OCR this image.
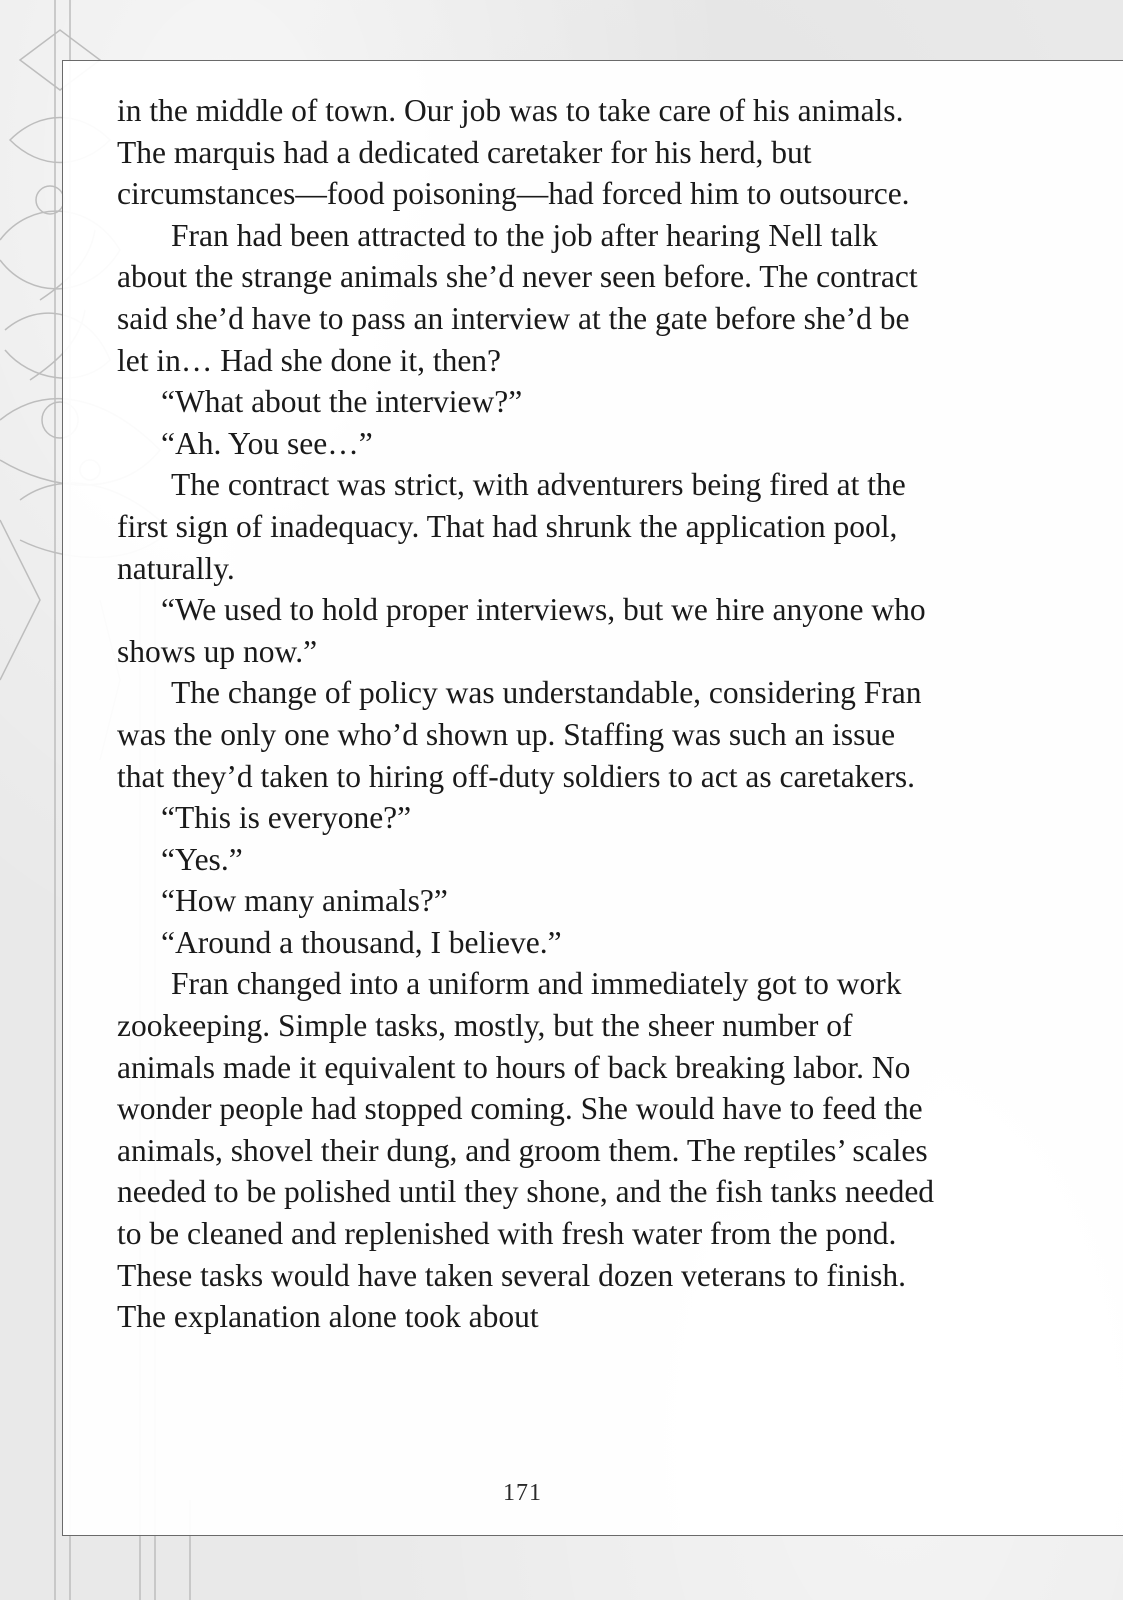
in the middle of town. Our job was to take care of his animals. The marquis had a dedicated caretaker for his herd, but circumstances—food poisoning—had forced him to outsource.

Fran had been attracted to the job after hearing Nell talk about the strange animals she’d never seen before. The contract said she’d have to pass an interview at the gate before she’d be let in… Had she done it, then?

“What about the interview?”

“Ah. You see…”

The contract was strict, with adventurers being fired at the first sign of inadequacy. That had shrunk the application pool, naturally.

“We used to hold proper interviews, but we hire anyone who shows up now.”

The change of policy was understandable, considering Fran was the only one who’d shown up. Staffing was such an issue that they’d taken to hiring off-duty soldiers to act as caretakers.

“This is everyone?”

“Yes.”

“How many animals?”

“Around a thousand, I believe.”

Fran changed into a uniform and immediately got to work zookeeping. Simple tasks, mostly, but the sheer number of animals made it equivalent to hours of back breaking labor. No wonder people had stopped coming. She would have to feed the animals, shovel their dung, and groom them. The reptiles’ scales needed to be polished until they shone, and the fish tanks needed to be cleaned and replenished with fresh water from the pond. These tasks would have taken several dozen veterans to finish. The explanation alone took about

171
